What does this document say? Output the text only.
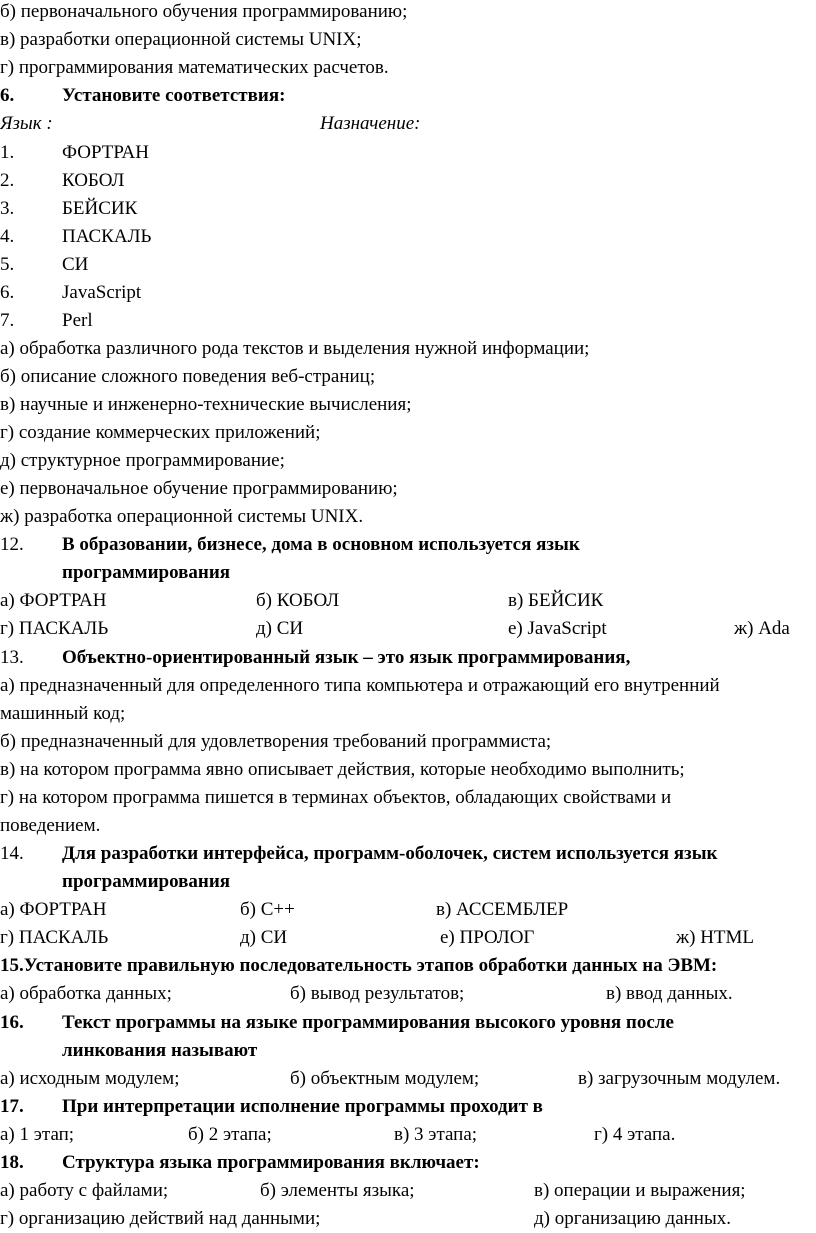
б) первоначального обучения программированию;
в) разработки операционной системы UNIX;
г) программирования математических расчетов.
6.	Установите соответствия:
Язык :	Назначение:
1.	ФОРТРАН
2.	КОБОЛ
3.	БЕЙСИК
4.	ПАСКАЛЬ
5.	СИ
6.	JavaScript
7.	Perl
а) обработка различного рода текстов и выделения нужной информации;
б) описание сложного поведения веб-страниц;
в) научные и инженерно-технические вычисления;
г) создание коммерческих приложений;
д) структурное программирование;
е) первоначальное обучение программированию;
ж) разработка операционной системы UNIX.
12. В образовании, бизнесе, дома в основном используется язык
программирования
а) ФОРТРАН	б) КОБОЛ	в) БЕЙСИК
г) ПАСКАЛЬ	д) СИ	е) JavaScript	ж) Ada
13. Объектно-ориентированный язык – это язык программирования,
а) предназначенный для определенного типа компьютера и отражающий его внутренний
машинный код;
б) предназначенный для удовлетворения требований программиста;
в) на котором программа явно описывает действия, которые необходимо выполнить;
г) на котором программа пишется в терминах объектов, обладающих свойствами и
поведением.
14. Для разработки интерфейса, программ-оболочек, систем используется язык
программирования
а) ФОРТРАН	б) С++	в) АССЕМБЛЕР
г) ПАСКАЛЬ	д) СИ	е) ПРОЛОГ	ж) HTML
15.Установите правильную последовательность этапов обработки данных на ЭВМ:
а) обработка данных;	б) вывод результатов;	в) ввод данных.
16. Текст программы на языке программирования высокого уровня после
линкования называют
а) исходным модулем;	б) объектным модулем;	в) загрузочным модулем.
17. При интерпретации исполнение программы проходит в
а) 1 этап;	б) 2 этапа;	в) 3 этапа;	г) 4 этапа.
18. Структура языка программирования включает:
а) работу с файлами;	б) элементы языка;	в) операции и выражения;
г) организацию действий над данными;	д) организацию данных.
